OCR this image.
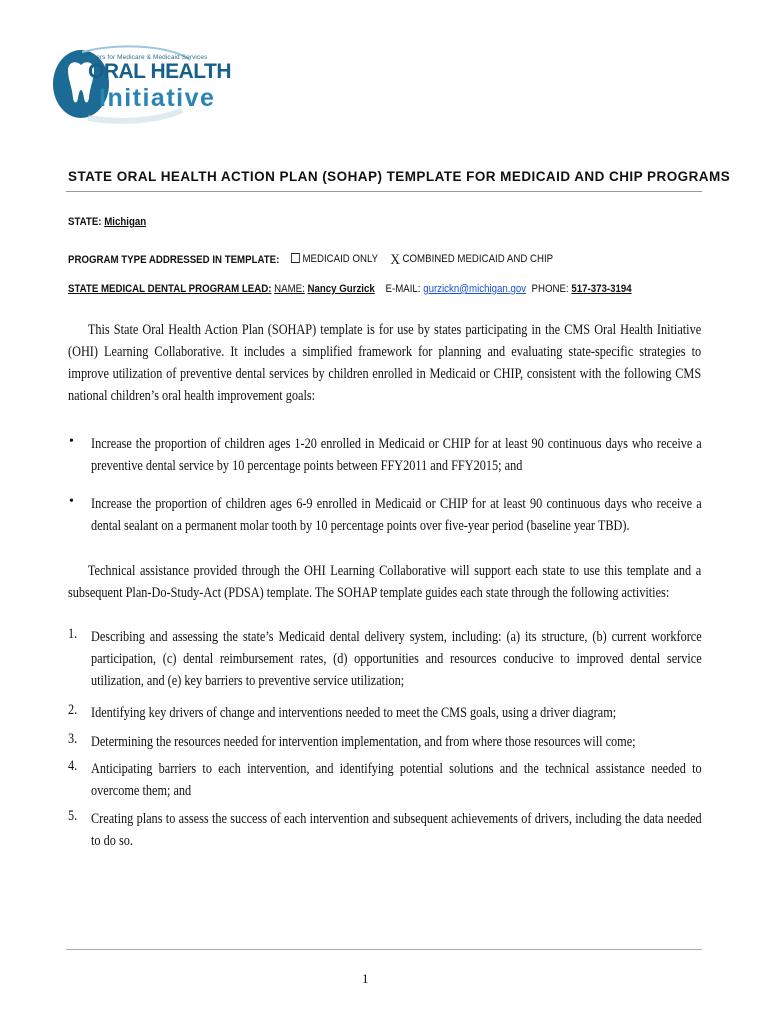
Centers for Medicare & Medicaid Services
ORAL HEALTH
Initiative
STATE ORAL HEALTH ACTION PLAN (SOHAP) TEMPLATE FOR MEDICAID AND CHIP PROGRAMS
STATE: Michigan
PROGRAM TYPE ADDRESSED IN TEMPLATE:	MEDICAID ONLY X COMBINED MEDICAID AND CHIP
STATE MEDICAL DENTAL PROGRAM LEAD: NAME: Nancy Gurzick E-MAIL: gurzickn@michigan.gov PHONE: 517-373-3194
This State Oral Health Action Plan (SOHAP) template is for use by states participating in the CMS Oral Health Initiative (OHI) Learning Collaborative. It includes a simplified framework for planning and evaluating state-specific strategies to improve utilization of preventive dental services by children enrolled in Medicaid or CHIP, consistent with the following CMS national children’s oral health improvement goals:
• Increase the proportion of children ages 1-20 enrolled in Medicaid or CHIP for at least 90 continuous days who receive a preventive dental service by 10 percentage points between FFY2011 and FFY2015; and
• Increase the proportion of children ages 6-9 enrolled in Medicaid or CHIP for at least 90 continuous days who receive a dental sealant on a permanent molar tooth by 10 percentage points over five-year period (baseline year TBD).
Technical assistance provided through the OHI Learning Collaborative will support each state to use this template and a subsequent Plan-Do-Study-Act (PDSA) template. The SOHAP template guides each state through the following activities:
1. Describing and assessing the state’s Medicaid dental delivery system, including: (a) its structure, (b) current workforce participation, (c) dental reimbursement rates, (d) opportunities and resources conducive to improved dental service utilization, and (e) key barriers to preventive service utilization;
2. Identifying key drivers of change and interventions needed to meet the CMS goals, using a driver diagram;
3. Determining the resources needed for intervention implementation, and from where those resources will come;
4. Anticipating barriers to each intervention, and identifying potential solutions and the technical assistance needed to overcome them; and
5. Creating plans to assess the success of each intervention and subsequent achievements of drivers, including the data needed to do so.
1
